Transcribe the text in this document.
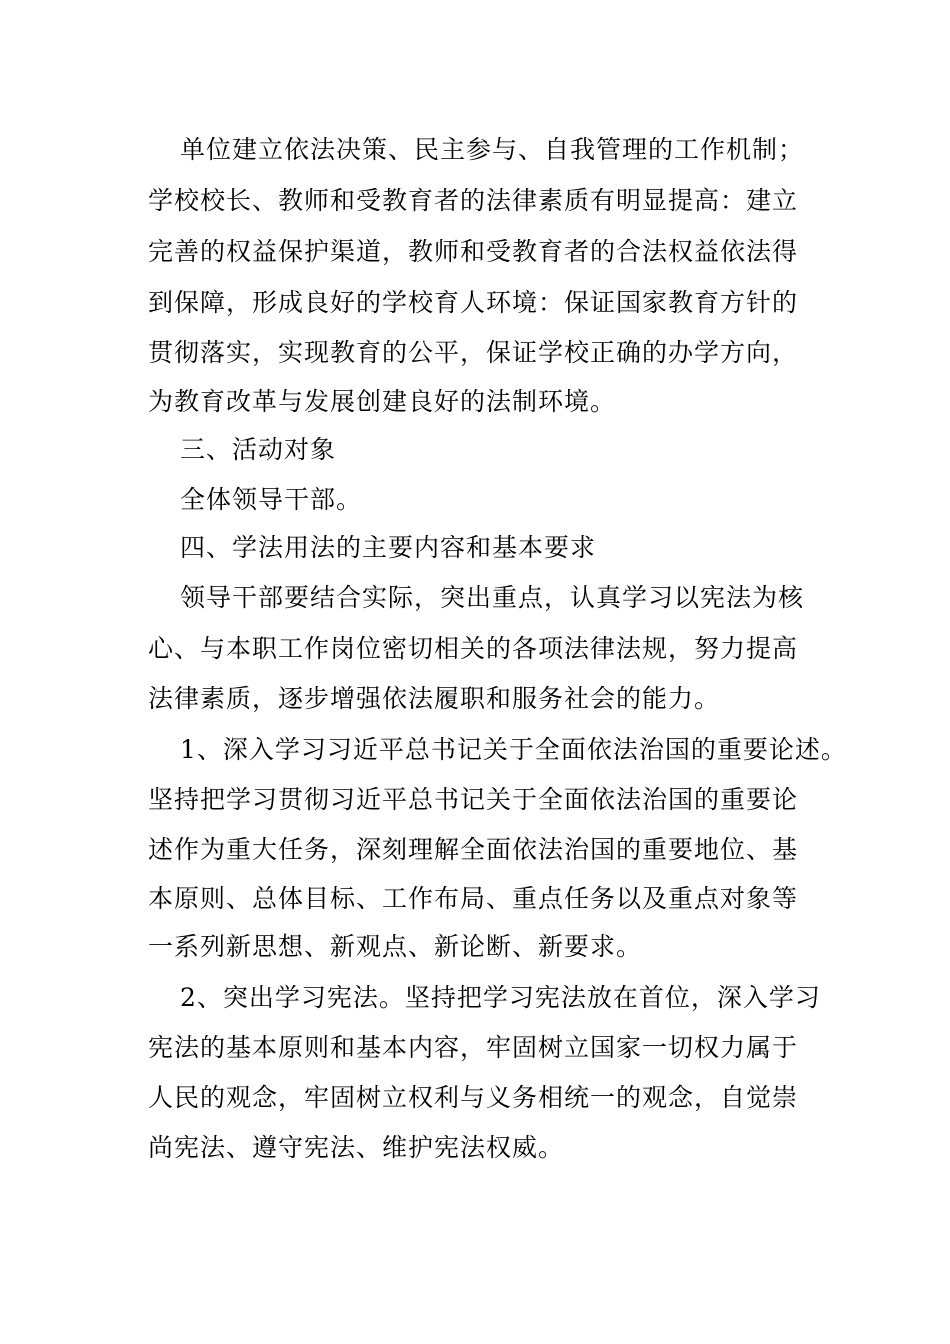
单位建立依法决策、民主参与、自我管理的工作机制；
学校校长、教师和受教育者的法律素质有明显提高：建立
完善的权益保护渠道，教师和受教育者的合法权益依法得
到保障，形成良好的学校育人环境：保证国家教育方针的
贯彻落实，实现教育的公平，保证学校正确的办学方向，
为教育改革与发展创建良好的法制环境。
三、活动对象
全体领导干部。
四、学法用法的主要内容和基本要求
领导干部要结合实际，突出重点，认真学习以宪法为核
心、与本职工作岗位密切相关的各项法律法规，努力提高
法律素质，逐步增强依法履职和服务社会的能力。
1、深入学习习近平总书记关于全面依法治国的重要论述。
坚持把学习贯彻习近平总书记关于全面依法治国的重要论
述作为重大任务，深刻理解全面依法治国的重要地位、基
本原则、总体目标、工作布局、重点任务以及重点对象等
一系列新思想、新观点、新论断、新要求。
2、突出学习宪法。坚持把学习宪法放在首位，深入学习
宪法的基本原则和基本内容，牢固树立国家一切权力属于
人民的观念，牢固树立权利与义务相统一的观念，自觉崇
尚宪法、遵守宪法、维护宪法权威。
